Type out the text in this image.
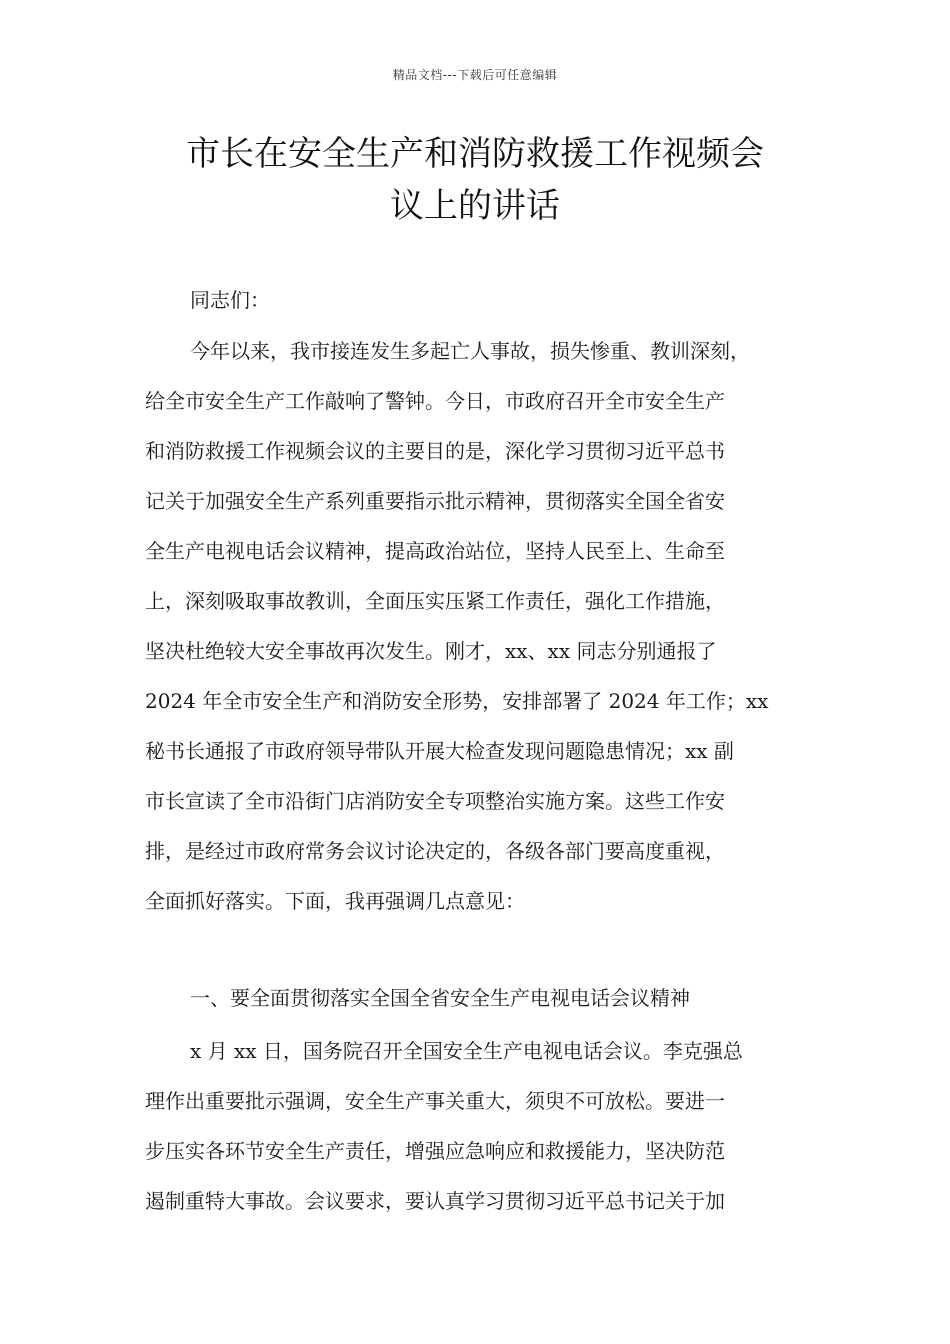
精品文档---下载后可任意编辑
市长在安全生产和消防救援工作视频会
议上的讲话
同志们：
今年以来，我市接连发生多起亡人事故，损失惨重、教训深刻，
给全市安全生产工作敲响了警钟。今日，市政府召开全市安全生产
和消防救援工作视频会议的主要目的是，深化学习贯彻习近平总书
记关于加强安全生产系列重要指示批示精神，贯彻落实全国全省安
全生产电视电话会议精神，提高政治站位，坚持人民至上、生命至
上，深刻吸取事故教训，全面压实压紧工作责任，强化工作措施，
坚决杜绝较大安全事故再次发生。刚才，xx、xx 同志分别通报了
2024 年全市安全生产和消防安全形势，安排部署了 2024 年工作；xx
秘书长通报了市政府领导带队开展大检查发现问题隐患情况；xx 副
市长宣读了全市沿街门店消防安全专项整治实施方案。这些工作安
排，是经过市政府常务会议讨论决定的，各级各部门要高度重视，
全面抓好落实。下面，我再强调几点意见：
一、要全面贯彻落实全国全省安全生产电视电话会议精神
x 月 xx 日，国务院召开全国安全生产电视电话会议。李克强总
理作出重要批示强调，安全生产事关重大，须臾不可放松。要进一
步压实各环节安全生产责任，增强应急响应和救援能力，坚决防范
遏制重特大事故。会议要求，要认真学习贯彻习近平总书记关于加
